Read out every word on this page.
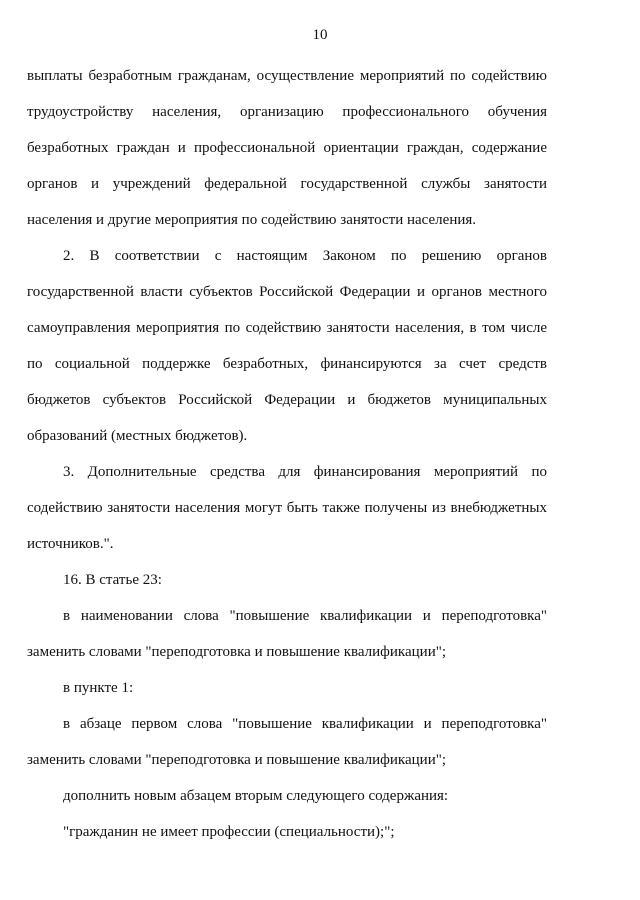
10
выплаты безработным гражданам, осуществление мероприятий по содействию
трудоустройству населения, организацию профессионального обучения
безработных граждан и профессиональной ориентации граждан, содержание
органов и учреждений федеральной государственной службы занятости
населения и другие мероприятия по содействию занятости населения.
2. В соответствии с настоящим Законом по решению органов
государственной власти субъектов Российской Федерации и органов местного
самоуправления мероприятия по содействию занятости населения, в том числе
по социальной поддержке безработных, финансируются за счет средств
бюджетов субъектов Российской Федерации и бюджетов муниципальных
образований (местных бюджетов).
3. Дополнительные средства для финансирования мероприятий по
содействию занятости населения могут быть также получены из внебюджетных
источников.".
16. В статье 23:
в наименовании слова "повышение квалификации и переподготовка"
заменить словами "переподготовка и повышение квалификации";
в пункте 1:
в абзаце первом слова "повышение квалификации и переподготовка"
заменить словами "переподготовка и повышение квалификации";
дополнить новым абзацем вторым следующего содержания:
"гражданин не имеет профессии (специальности);";
